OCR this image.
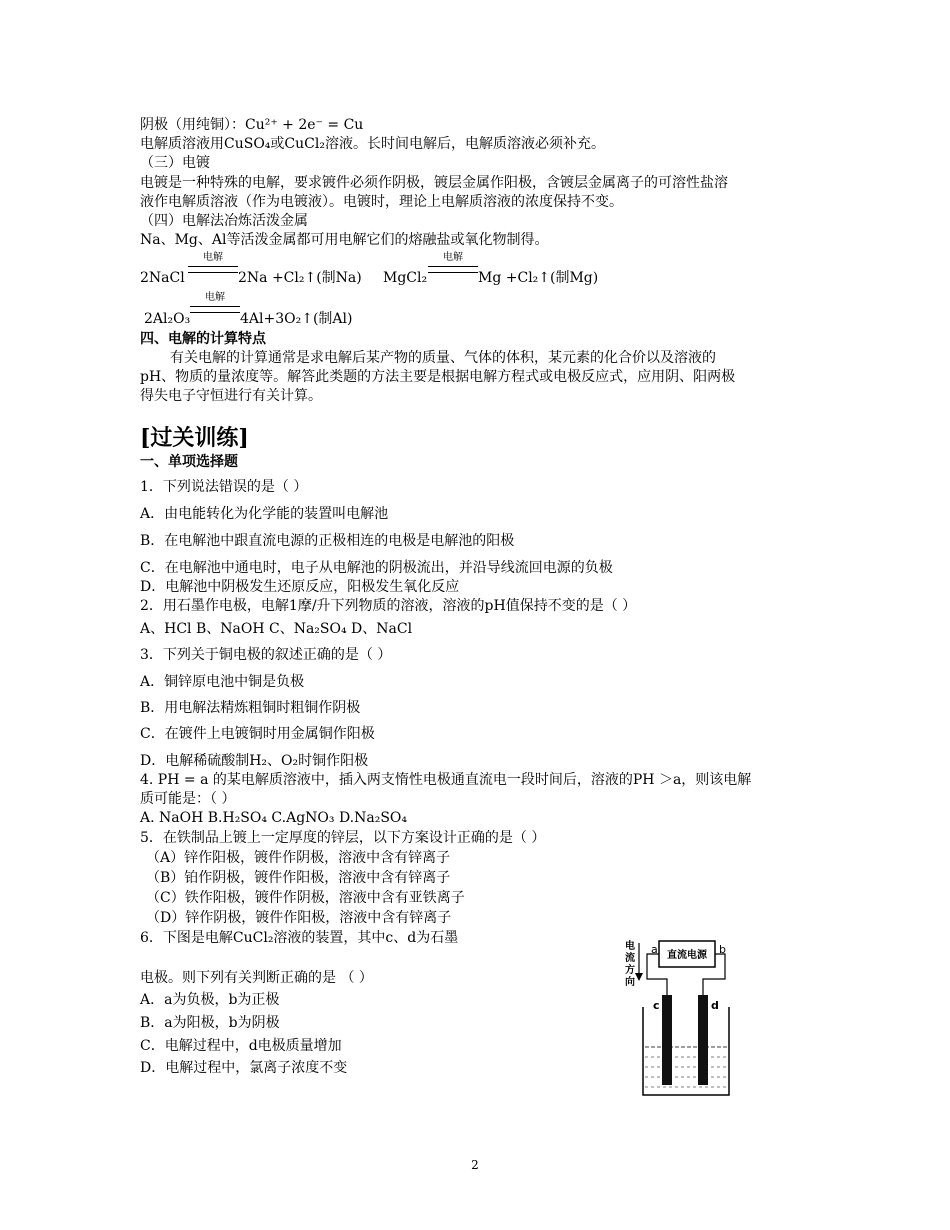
阴极（用纯铜）：Cu²⁺ + 2e⁻ = Cu
电解质溶液用CuSO₄或CuCl₂溶液。长时间电解后，电解质溶液必须补充。
（三）电镀
电镀是一种特殊的电解，要求镀件必须作阴极，镀层金属作阳极，含镀层金属离子的可溶性盐溶
液作电解质溶液（作为电镀液）。电镀时，理论上电解质溶液的浓度保持不变。
（四）电解法冶炼活泼金属
Na、Mg、Al等活泼金属都可用电解它们的熔融盐或氧化物制得。
2NaCl
电解
2Na +Cl₂↑(制Na) MgCl₂
电解
Mg +Cl₂↑(制Mg)
2Al₂O₃
电解
4Al+3O₂↑(制Al)
四、电解的计算特点
有关电解的计算通常是求电解后某产物的质量、气体的体积，某元素的化合价以及溶液的
pH、物质的量浓度等。解答此类题的方法主要是根据电解方程式或电极反应式，应用阴、阳两极
得失电子守恒进行有关计算。
[过关训练]
一、单项选择题
1．下列说法错误的是（ ）
A．由电能转化为化学能的装置叫电解池
B．在电解池中跟直流电源的正极相连的电极是电解池的阳极
C．在电解池中通电时，电子从电解池的阴极流出，并沿导线流回电源的负极
D．电解池中阴极发生还原反应，阳极发生氧化反应
2．用石墨作电极，电解1摩/升下列物质的溶液，溶液的pH值保持不变的是（ ）
A、HCl B、NaOH C、Na₂SO₄ D、NaCl
3．下列关于铜电极的叙述正确的是（ ）
A．铜锌原电池中铜是负极
B．用电解法精炼粗铜时粗铜作阴极
C．在镀件上电镀铜时用金属铜作阳极
D．电解稀硫酸制H₂、O₂时铜作阳极
4. PH = a 的某电解质溶液中，插入两支惰性电极通直流电一段时间后，溶液的PH ＞a，则该电解
质可能是：（ ）
A. NaOH B.H₂SO₄ C.AgNO₃ D.Na₂SO₄
5．在铁制品上镀上一定厚度的锌层，以下方案设计正确的是（ ）
（A）锌作阳极，镀件作阴极，溶液中含有锌离子
（B）铂作阴极，镀件作阳极，溶液中含有锌离子
（C）铁作阳极，镀件作阴极，溶液中含有亚铁离子
（D）锌作阴极，镀件作阳极，溶液中含有锌离子
6．下图是电解CuCl₂溶液的装置，其中c、d为石墨
电极。则下列有关判断正确的是 （ ）
A．a为负极，b为正极
B．a为阳极，b为阴极
C．电解过程中，d电极质量增加
D．电解过程中，氯离子浓度不变
电
流
方
向
直流电源
a	b
c	d
2
